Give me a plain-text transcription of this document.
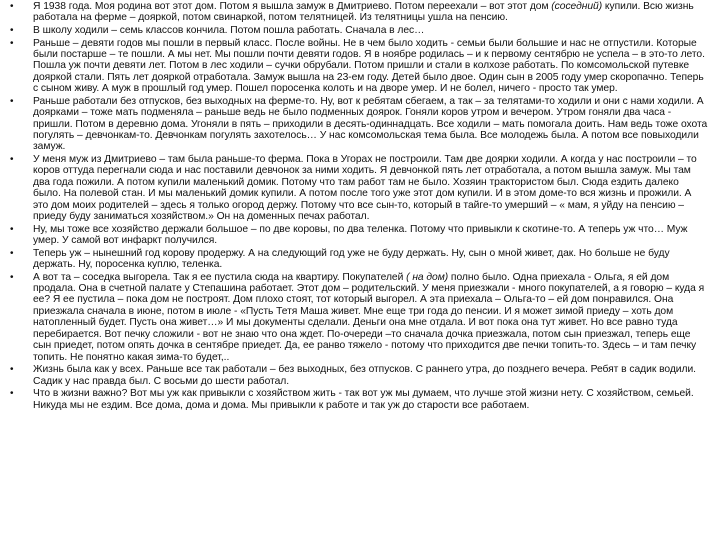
• Я 1938 года. Моя родина вот этот дом. Потом я вышла замуж в Дмитриево. Потом переехали – вот этот дом (соседний) купили. Всю жизнь работала на ферме – дояркой, потом свинаркой, потом телятницей. Из телятницы ушла на пенсию.
• В школу ходили – семь классов кончила. Потом пошла работать. Сначала в лес…
• Раньше – девяти годов мы пошли в первый класс. После войны. Не в чем было ходить - семьи были большие и нас не отпустили. Которые были постарше – те пошли. А мы нет. Мы пошли почти девяти годов. Я в ноябре родилась – и к первому сентябрю не успела – в это-то лето. Пошла уж почти девяти лет. Потом в лес ходили – сучки обрубали. Потом пришли и стали в колхозе работать. По комсомольской путевке дояркой стали. Пять лет дояркой отработала. Замуж вышла на 23-ем году. Детей было двое. Один сын в 2005 году умер скоропачно. Теперь с сыном живу. А муж в прошлый год умер. Пошел поросенка колоть и на дворе умер. И не болел, ничего - просто так умер.
• Раньше работали без отпусков, без выходных на ферме-то. Ну, вот к ребятам сбегаем, а так – за телятами-то ходили и они с нами ходили. А доярками – тоже мать подменяла – раньше ведь не было подменных доярок. Гоняли коров утром и вечером. Утром гоняли два часа - пришли. Потом в деревню дома. Угоняли в пять – приходили в десять-одиннадцать. Все ходили – мать помогала доить. Нам ведь тоже охота погулять – девчонкам-то. Девчонкам погулять захотелось… У нас комсомольская тема была. Все молодежь была. А потом все повыходили замуж.
• У меня муж из Дмитриево – там была раньше-то ферма. Пока в Угорах не построили. Там две доярки ходили. А когда у нас построили – то коров оттуда перегнали сюда и нас поставили девчонок за ними ходить. Я девчонкой пять лет отработала, а потом вышла замуж. Мы там два года пожили. А потом купили маленький домик. Потому что там работ там не было. Хозяин трактористом был. Сюда ездить далеко было. На полевой стан. И мы маленький домик купили. А потом после того уже этот дом купили. И в этом доме-то вся жизнь и прожили. А это дом моих родителей – здесь я только огород держу. Потому что все сын-то, который в тайге-то умерший – « мам, я уйду на пенсию – приеду буду заниматься хозяйством.» Он на доменных печах работал.
• Ну, мы тоже все хозяйство держали большое – по две коровы, по два теленка. Потому что привыкли к скотине-то. А теперь уж что… Муж умер. У самой вот инфаркт получился.
• Теперь уж – нынешний год корову продержу. А на следующий год уже не буду держать. Ну, сын о мной живет, дак. Но больше не буду держать. Ну, поросенка куплю, теленка.
• А вот та – соседка выгорела. Так я ее пустила сюда на квартиру. Покупателей ( на дом) полно было. Одна приехала - Ольга, я ей дом продала. Она в счетной палате у Степашина работает. Этот дом – родительский. У меня приезжали - много покупателей, а я говорю – куда я ее? Я ее пустила – пока дом не построят. Дом плохо стоят, тот который выгорел. А эта приехала – Ольга-то – ей дом понравился. Она приезжала сначала в июне, потом в июле - «Пусть Тетя Маша живет. Мне еще три года до пенсии. И я может зимой приеду – хоть дом натопленный будет. Пусть она живет…» И мы документы сделали. Деньги она мне отдала. И вот пока она тут живет. Но все равно туда перебирается. Вот печку сложили - вот не знаю что она ждет. По-очереди –то сначала дочка приезжала, потом сын приезжал, теперь еще сын приедет, потом опять дочка в сентябре приедет. Да, ее ранво тяжело - потому что приходится две печки топить-то. Здесь – и там печку топить. Не понятно какая зима-то будет,..
• Жизнь была как у всех. Раньше все так работали – без выходных, без отпусков. С раннего утра, до позднего вечера. Ребят в садик водили. Садик у нас правда был. С восьми до шести работал.
• Что в жизни важно? Вот мы уж как привыкли с хозяйством жить - так вот уж мы думаем, что лучше этой жизни нету. С хозяйством, семьей. Никуда мы не ездим. Все дома, дома и дома. Мы привыкли к работе и так уж до старости все работаем.
